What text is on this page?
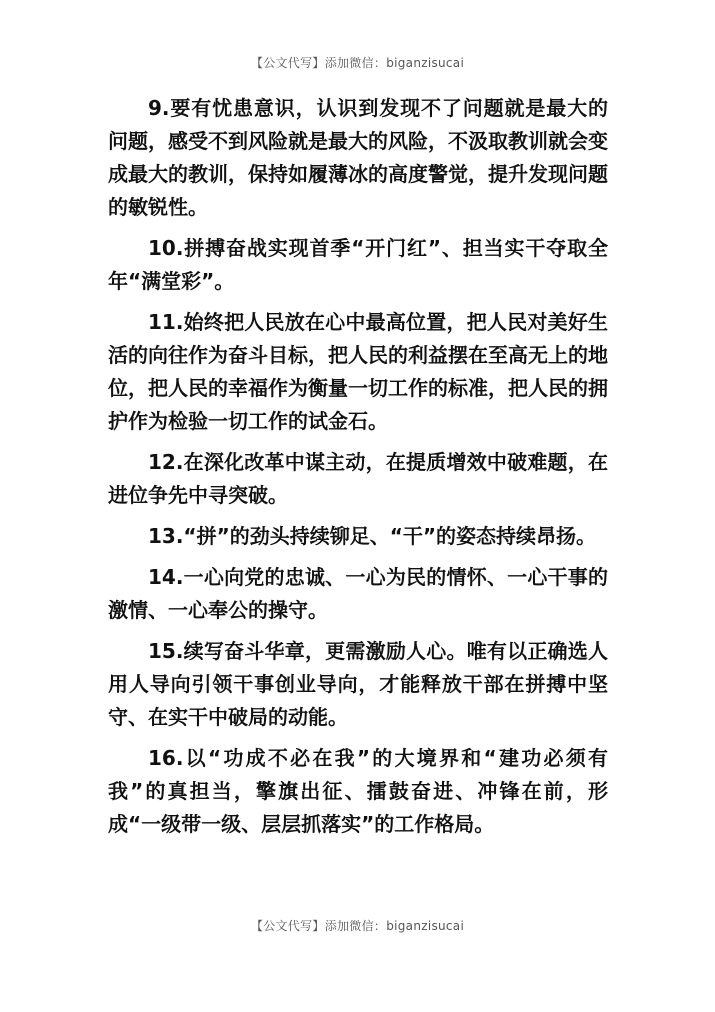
【公文代写】添加微信：biganzisucai

9.要有忧患意识，认识到发现不了问题就是最大的问题，感受不到风险就是最大的风险，不汲取教训就会变成最大的教训，保持如履薄冰的高度警觉，提升发现问题的敏锐性。

10.拼搏奋战实现首季“开门红”、担当实干夺取全年“满堂彩”。

11.始终把人民放在心中最高位置，把人民对美好生活的向往作为奋斗目标，把人民的利益摆在至高无上的地位，把人民的幸福作为衡量一切工作的标准，把人民的拥护作为检验一切工作的试金石。

12.在深化改革中谋主动，在提质增效中破难题，在进位争先中寻突破。

13.“拼”的劲头持续铆足、“干”的姿态持续昂扬。

14.一心向党的忠诚、一心为民的情怀、一心干事的激情、一心奉公的操守。

15.续写奋斗华章，更需激励人心。唯有以正确选人用人导向引领干事创业导向，才能释放干部在拼搏中坚守、在实干中破局的动能。

16.以“功成不必在我”的大境界和“建功必须有我”的真担当，擎旗出征、擂鼓奋进、冲锋在前，形成“一级带一级、层层抓落实”的工作格局。

【公文代写】添加微信：biganzisucai
